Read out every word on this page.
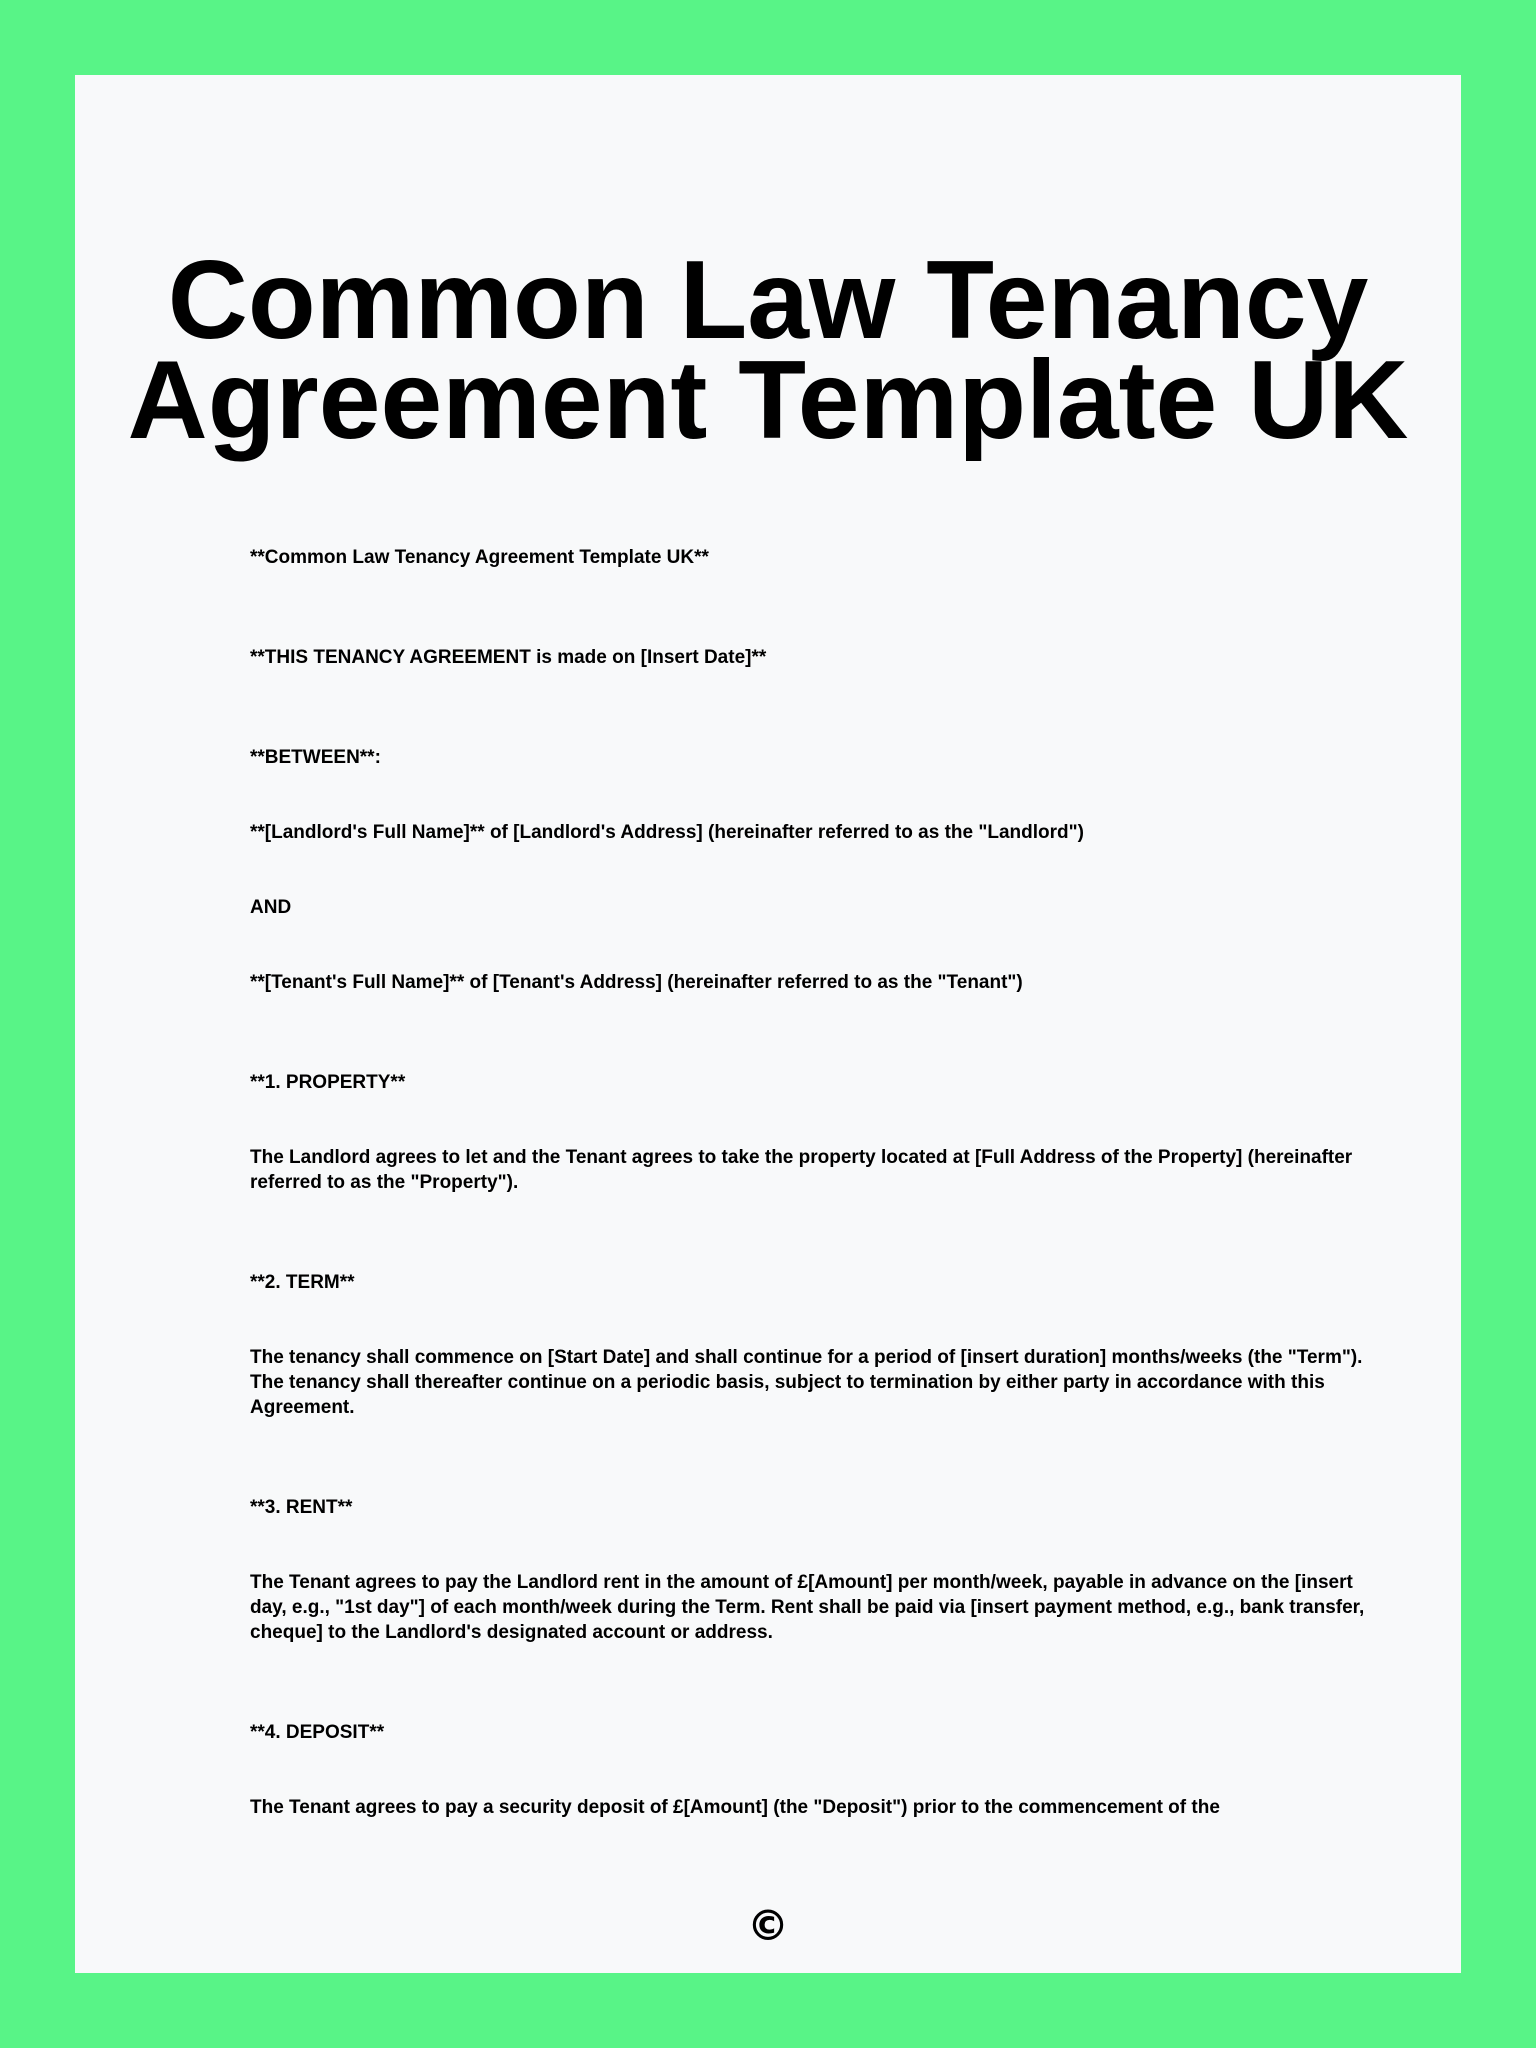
Common Law Tenancy
Agreement Template UK

**Common Law Tenancy Agreement Template UK**

**THIS TENANCY AGREEMENT is made on [Insert Date]**

**BETWEEN**:

**[Landlord's Full Name]** of [Landlord's Address] (hereinafter referred to as the "Landlord")

AND

**[Tenant's Full Name]** of [Tenant's Address] (hereinafter referred to as the "Tenant")

**1. PROPERTY**

The Landlord agrees to let and the Tenant agrees to take the property located at [Full Address of the Property] (hereinafter referred to as the "Property").

**2. TERM**

The tenancy shall commence on [Start Date] and shall continue for a period of [insert duration] months/weeks (the "Term"). The tenancy shall thereafter continue on a periodic basis, subject to termination by either party in accordance with this Agreement.

**3. RENT**

The Tenant agrees to pay the Landlord rent in the amount of £[Amount] per month/week, payable in advance on the [insert day, e.g., "1st day"] of each month/week during the Term. Rent shall be paid via [insert payment method, e.g., bank transfer, cheque] to the Landlord's designated account or address.

**4. DEPOSIT**

The Tenant agrees to pay a security deposit of £[Amount] (the "Deposit") prior to the commencement of the

©
